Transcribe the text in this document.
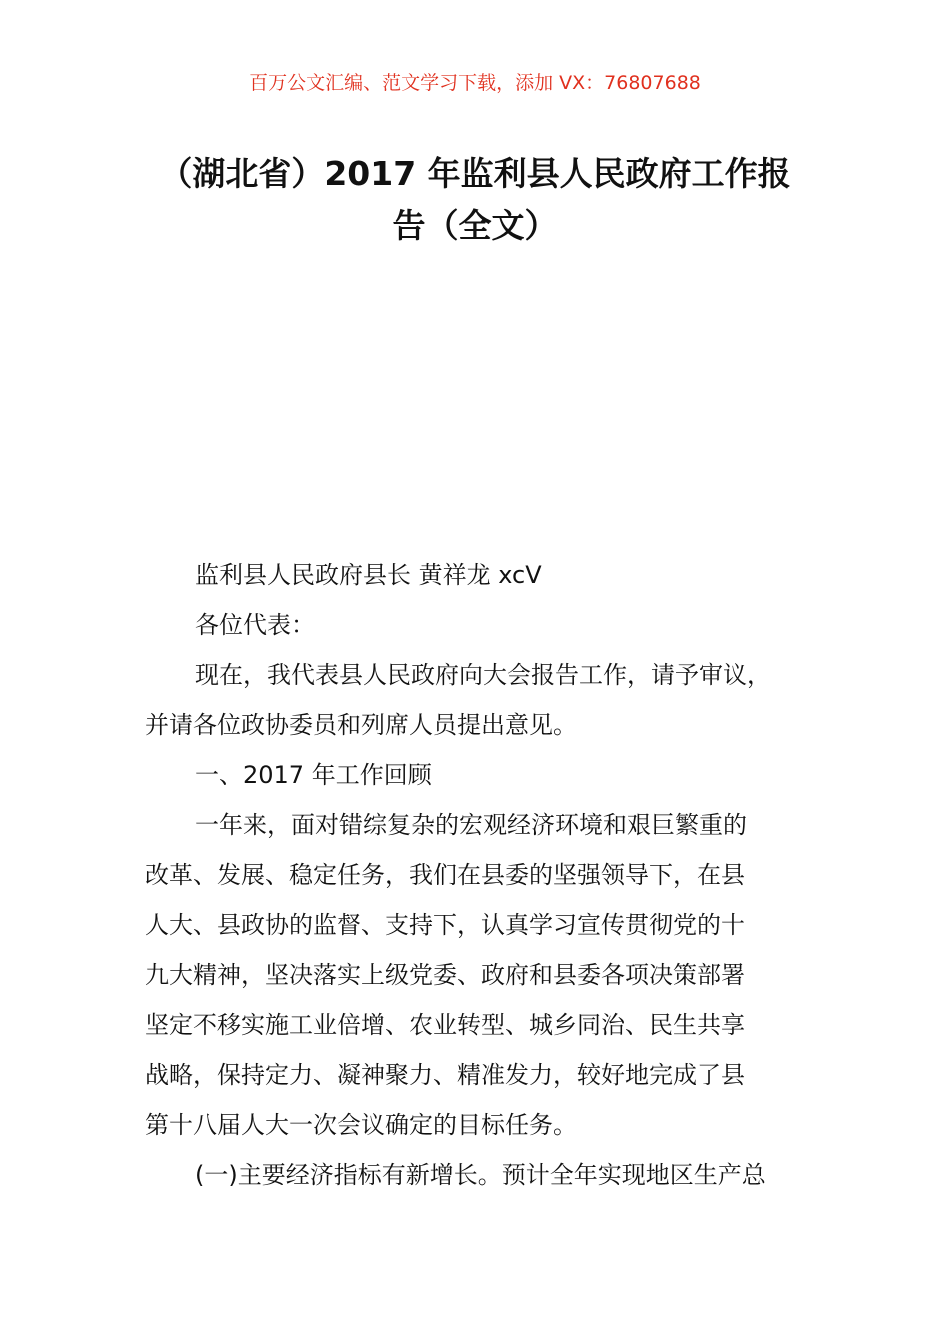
百万公文汇编、范文学习下载，添加 VX：76807688
（湖北省）2017 年监利县人民政府工作报
告（全文）
监利县人民政府县长 黄祥龙 xcV
各位代表：
现在，我代表县人民政府向大会报告工作，请予审议，
并请各位政协委员和列席人员提出意见。
一、2017 年工作回顾
一年来，面对错综复杂的宏观经济环境和艰巨繁重的
改革、发展、稳定任务，我们在县委的坚强领导下，在县
人大、县政协的监督、支持下，认真学习宣传贯彻党的十
九大精神，坚决落实上级党委、政府和县委各项决策部署
坚定不移实施工业倍增、农业转型、城乡同治、民生共享
战略，保持定力、凝神聚力、精准发力，较好地完成了县
第十八届人大一次会议确定的目标任务。
(一)主要经济指标有新增长。预计全年实现地区生产总
